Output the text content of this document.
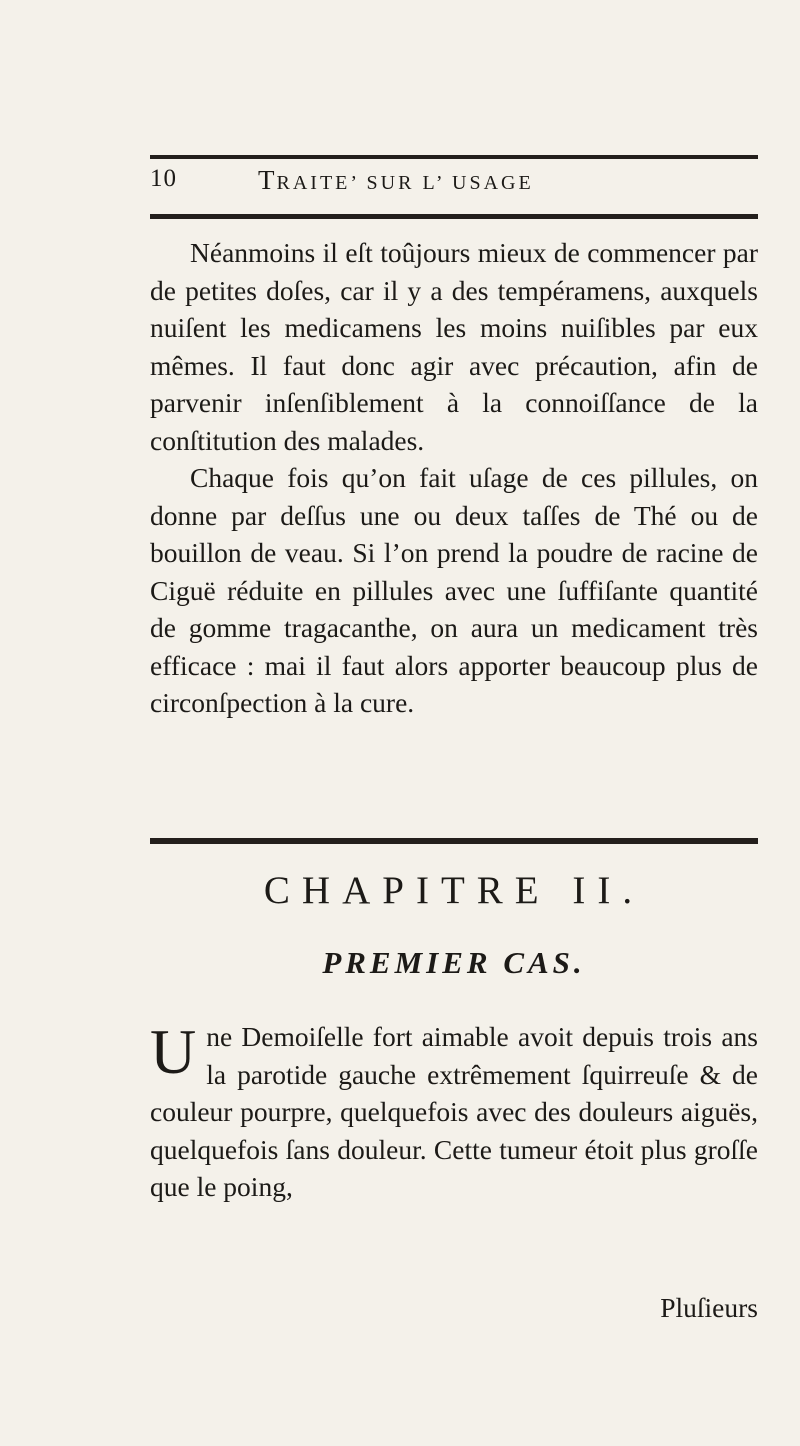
10	TRAITE’ SUR L’ USAGE

Néanmoins il eſt toûjours mieux de commencer par de petites doſes, car il y a des tempéramens, auxquels nuiſent les medicamens les moins nuiſibles par eux mêmes. Il faut donc agir avec précaution, afin de parvenir inſenſiblement à la connoiſſance de la conſtitution des malades.

Chaque fois qu’on fait uſage de ces pillules, on donne par deſſus une ou deux taſſes de Thé ou de bouillon de veau. Si l’on prend la poudre de racine de Ciguë réduite en pillules avec une ſuffiſante quantité de gomme tragacanthe, on aura un medicament très efficace : mai il faut alors apporter beaucoup plus de circonſpection à la cure.

CHAPITRE II.
PREMIER CAS.
U ne Demoiſelle fort aimable avoit depuis trois ans la parotide gauche extrêmement ſquirreuſe & de couleur pourpre, quelquefois avec des douleurs aiguës, quelquefois ſans douleur. Cette tumeur étoit plus groſſe que le poing,

Pluſieurs
